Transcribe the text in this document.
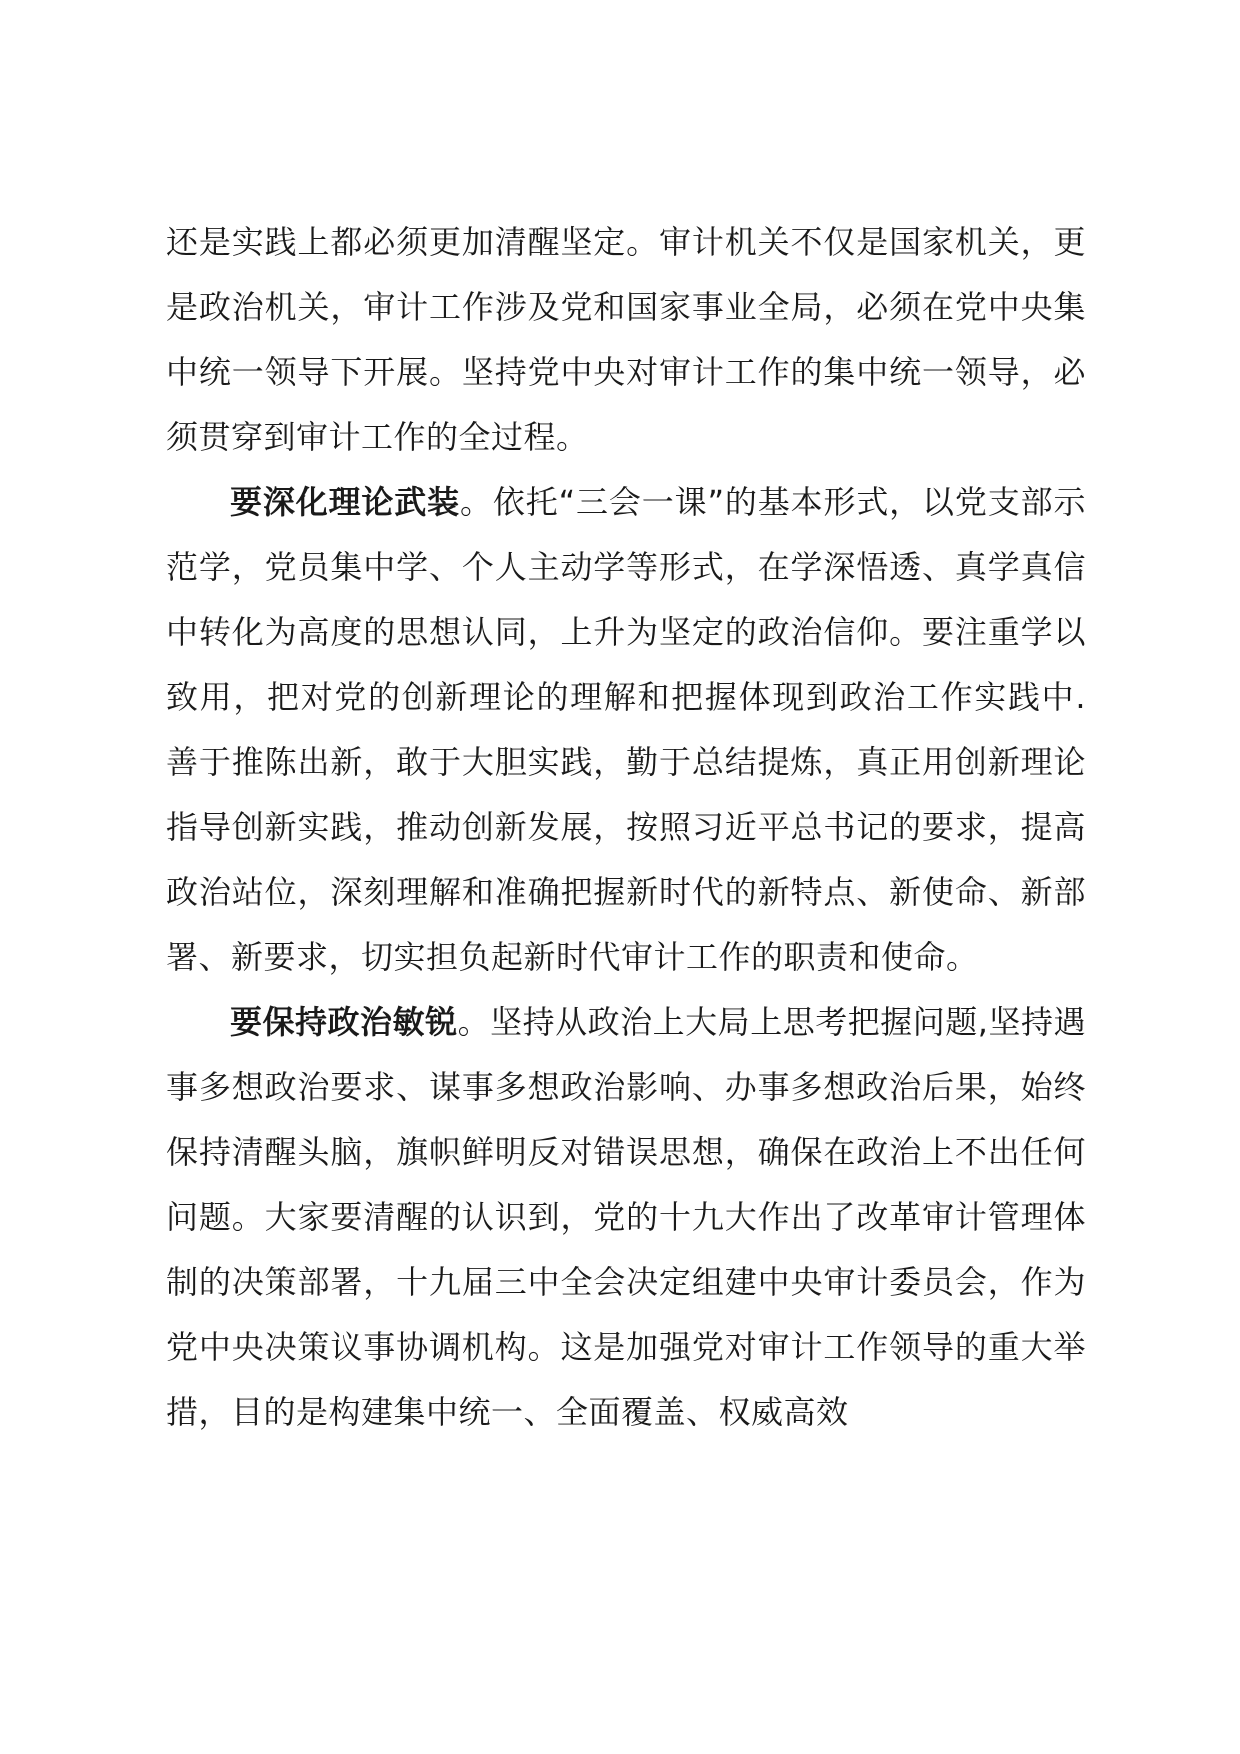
还是实践上都必须更加清醒坚定。审计机关不仅是国家机关，更是政治机关，审计工作涉及党和国家事业全局，必须在党中央集中统一领导下开展。坚持党中央对审计工作的集中统一领导，必须贯穿到审计工作的全过程。

要深化理论武装。依托“三会一课”的基本形式，以党支部示范学，党员集中学、个人主动学等形式，在学深悟透、真学真信中转化为高度的思想认同，上升为坚定的政治信仰。要注重学以致用，把对党的创新理论的理解和把握体现到政治工作实践中.善于推陈出新，敢于大胆实践，勤于总结提炼，真正用创新理论指导创新实践，推动创新发展，按照习近平总书记的要求，提高政治站位，深刻理解和准确把握新时代的新特点、新使命、新部署、新要求，切实担负起新时代审计工作的职责和使命。

要保持政治敏锐。坚持从政治上大局上思考把握问题,坚持遇事多想政治要求、谋事多想政治影响、办事多想政治后果，始终保持清醒头脑，旗帜鲜明反对错误思想，确保在政治上不出任何问题。大家要清醒的认识到，党的十九大作出了改革审计管理体制的决策部署，十九届三中全会决定组建中央审计委员会，作为党中央决策议事协调机构。这是加强党对审计工作领导的重大举措，目的是构建集中统一、全面覆盖、权威高效
